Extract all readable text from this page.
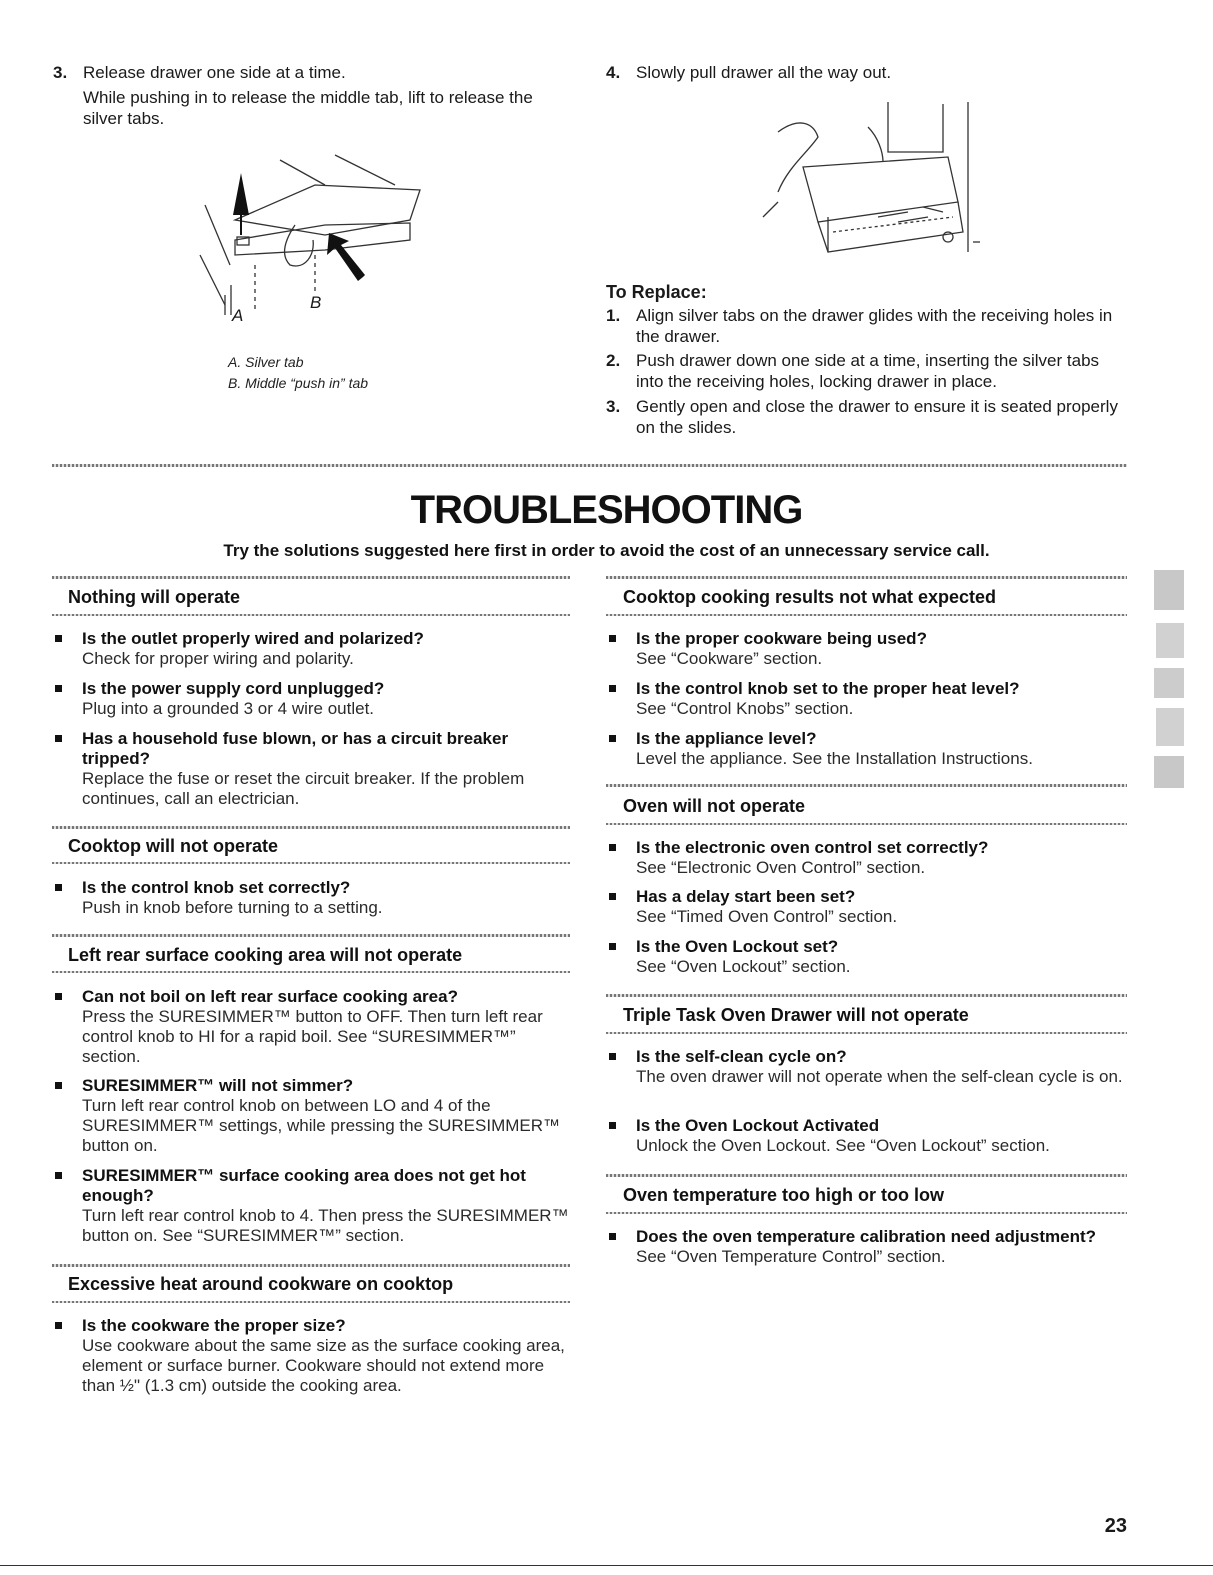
3. Release drawer one side at a time.
While pushing in to release the middle tab, lift to release the silver tabs.
B
A
A. Silver tab
B. Middle “push in” tab
4. Slowly pull drawer all the way out.
To Replace:
1. Align silver tabs on the drawer glides with the receiving holes in the drawer.
2. Push drawer down one side at a time, inserting the silver tabs into the receiving holes, locking drawer in place.
3. Gently open and close the drawer to ensure it is seated properly on the slides.
TROUBLESHOOTING
Try the solutions suggested here first in order to avoid the cost of an unnecessary service call.
Nothing will operate
Is the outlet properly wired and polarized?
Check for proper wiring and polarity.
Is the power supply cord unplugged?
Plug into a grounded 3 or 4 wire outlet.
Has a household fuse blown, or has a circuit breaker tripped?
Replace the fuse or reset the circuit breaker. If the problem continues, call an electrician.
Cooktop will not operate
Is the control knob set correctly?
Push in knob before turning to a setting.
Left rear surface cooking area will not operate
Can not boil on left rear surface cooking area?
Press the SURESIMMER™ button to OFF. Then turn left rear control knob to HI for a rapid boil. See “SURESIMMER™” section.
SURESIMMER™ will not simmer?
Turn left rear control knob on between LO and 4 of the SURESIMMER™ settings, while pressing the SURESIMMER™ button on.
SURESIMMER™ surface cooking area does not get hot enough?
Turn left rear control knob to 4. Then press the SURESIMMER™ button on. See “SURESIMMER™” section.
Excessive heat around cookware on cooktop
Is the cookware the proper size?
Use cookware about the same size as the surface cooking area, element or surface burner. Cookware should not extend more than ½" (1.3 cm) outside the cooking area.
Cooktop cooking results not what expected
Is the proper cookware being used?
See “Cookware” section.
Is the control knob set to the proper heat level?
See “Control Knobs” section.
Is the appliance level?
Level the appliance. See the Installation Instructions.
Oven will not operate
Is the electronic oven control set correctly?
See “Electronic Oven Control” section.
Has a delay start been set?
See “Timed Oven Control” section.
Is the Oven Lockout set?
See “Oven Lockout” section.
Triple Task Oven Drawer will not operate
Is the self-clean cycle on?
The oven drawer will not operate when the self-clean cycle is on.
Is the Oven Lockout Activated
Unlock the Oven Lockout. See “Oven Lockout” section.
Oven temperature too high or too low
Does the oven temperature calibration need adjustment?
See “Oven Temperature Control” section.
23
